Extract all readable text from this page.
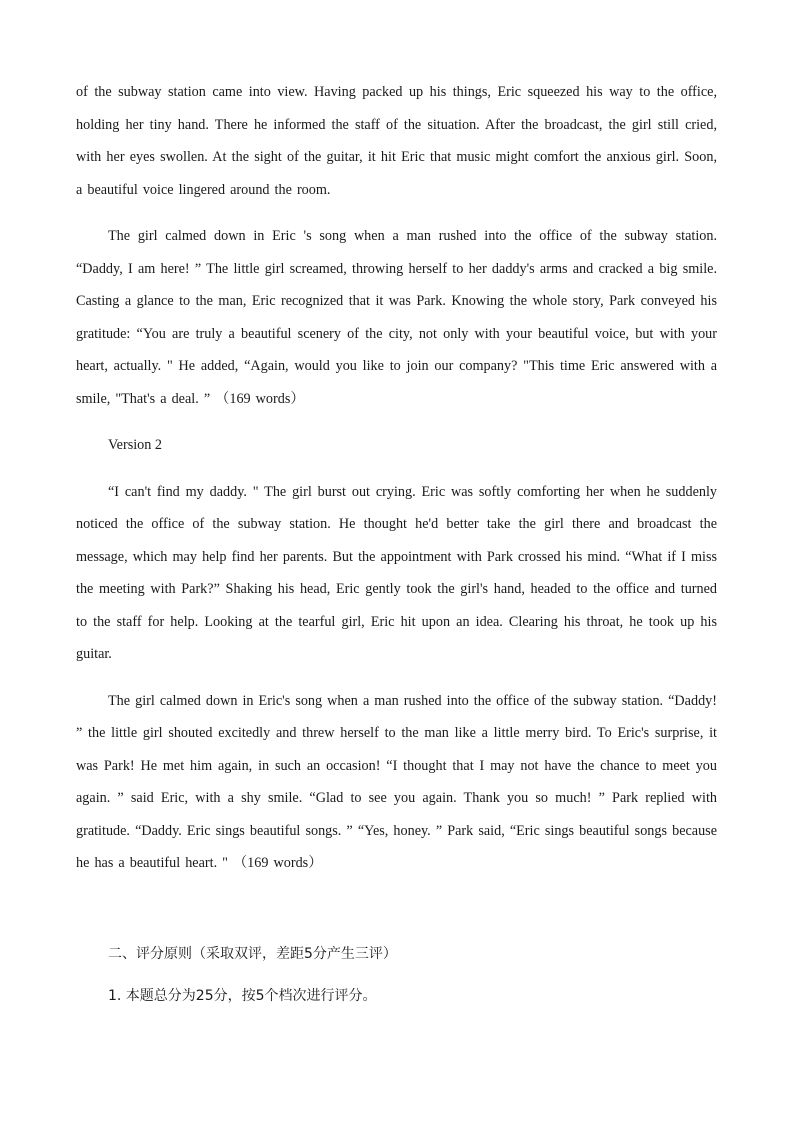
of the subway station came into view. Having packed up his things, Eric squeezed his way to the office, holding her tiny hand. There he informed the staff of the situation. After the broadcast, the girl still cried, with her eyes swollen. At the sight of the guitar, it hit Eric that music might comfort the anxious girl. Soon, a beautiful voice lingered around the room.

The girl calmed down in Eric 's song when a man rushed into the office of the subway station. “Daddy, I am here! ” The little girl screamed, throwing herself to her daddy's arms and cracked a big smile. Casting a glance to the man, Eric recognized that it was Park. Knowing the whole story, Park conveyed his gratitude: “You are truly a beautiful scenery of the city, not only with your beautiful voice, but with your heart, actually. " He added, “Again, would you like to join our company? "This time Eric answered with a smile, "That's a deal. ” （169 words）

Version 2

“I can't find my daddy. " The girl burst out crying. Eric was softly comforting her when he suddenly noticed the office of the subway station. He thought he'd better take the girl there and broadcast the message, which may help find her parents. But the appointment with Park crossed his mind. “What if I miss the meeting with Park?” Shaking his head, Eric gently took the girl's hand, headed to the office and turned to the staff for help. Looking at the tearful girl, Eric hit upon an idea. Clearing his throat, he took up his guitar.

The girl calmed down in Eric's song when a man rushed into the office of the subway station. “Daddy! ” the little girl shouted excitedly and threw herself to the man like a little merry bird. To Eric's surprise, it was Park! He met him again, in such an occasion! “I thought that I may not have the chance to meet you again. ” said Eric, with a shy smile. “Glad to see you again. Thank you so much! ” Park replied with gratitude. “Daddy. Eric sings beautiful songs. ” “Yes, honey. ” Park said, “Eric sings beautiful songs because he has a beautiful heart. " （169 words）

二、评分原则（采取双评，差距5分产生三评）

1. 本题总分为25分，按5个档次进行评分。
